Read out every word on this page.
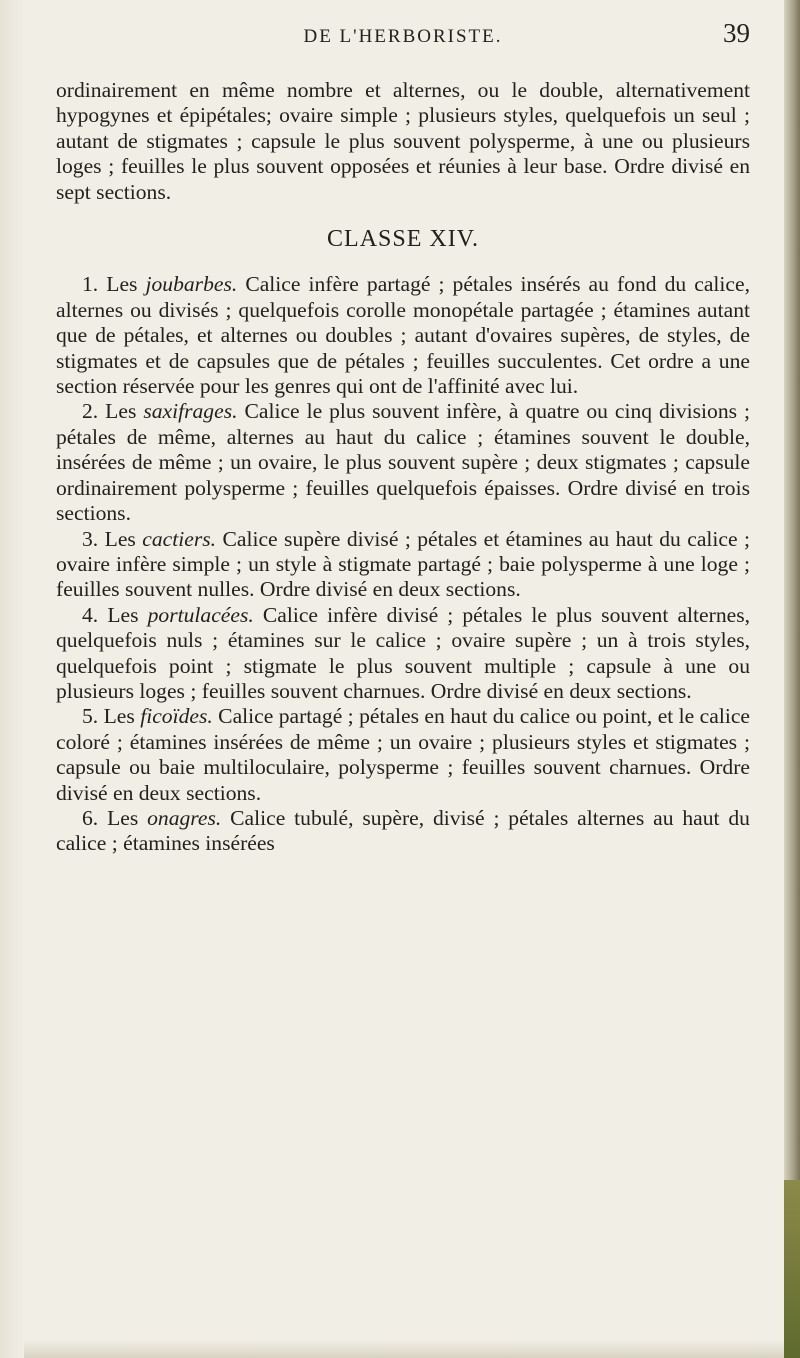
DE L'HERBORISTE.	39

ordinairement en même nombre et alternes, ou le double, alternativement hypogynes et épipétales; ovaire simple ; plusieurs styles, quelquefois un seul ; autant de stigmates ; capsule le plus souvent polysperme, à une ou plusieurs loges ; feuilles le plus souvent opposées et réunies à leur base. Ordre divisé en sept sections.

CLASSE XIV.

1. Les joubarbes. Calice infère partagé ; pétales insérés au fond du calice, alternes ou divisés ; quelquefois corolle monopétale partagée ; étamines autant que de pétales, et alternes ou doubles ; autant d'ovaires supères, de styles, de stigmates et de capsules que de pétales ; feuilles succulentes. Cet ordre a une section réservée pour les genres qui ont de l'affinité avec lui.

2. Les saxifrages. Calice le plus souvent infère, à quatre ou cinq divisions ; pétales de même, alternes au haut du calice ; étamines souvent le double, insérées de même ; un ovaire, le plus souvent supère ; deux stigmates ; capsule ordinairement polysperme ; feuilles quelquefois épaisses. Ordre divisé en trois sections.

3. Les cactiers. Calice supère divisé ; pétales et étamines au haut du calice ; ovaire infère simple ; un style à stigmate partagé ; baie polysperme à une loge ; feuilles souvent nulles. Ordre divisé en deux sections.

4. Les portulacées. Calice infère divisé ; pétales le plus souvent alternes, quelquefois nuls ; étamines sur le calice ; ovaire supère ; un à trois styles, quelquefois point ; stigmate le plus souvent multiple ; capsule à une ou plusieurs loges ; feuilles souvent charnues. Ordre divisé en deux sections.

5. Les ficoïdes. Calice partagé ; pétales en haut du calice ou point, et le calice coloré ; étamines insérées de même ; un ovaire ; plusieurs styles et stigmates ; capsule ou baie multiloculaire, polysperme ; feuilles souvent charnues. Ordre divisé en deux sections.

6. Les onagres. Calice tubulé, supère, divisé ; pétales alternes au haut du calice ; étamines insérées
